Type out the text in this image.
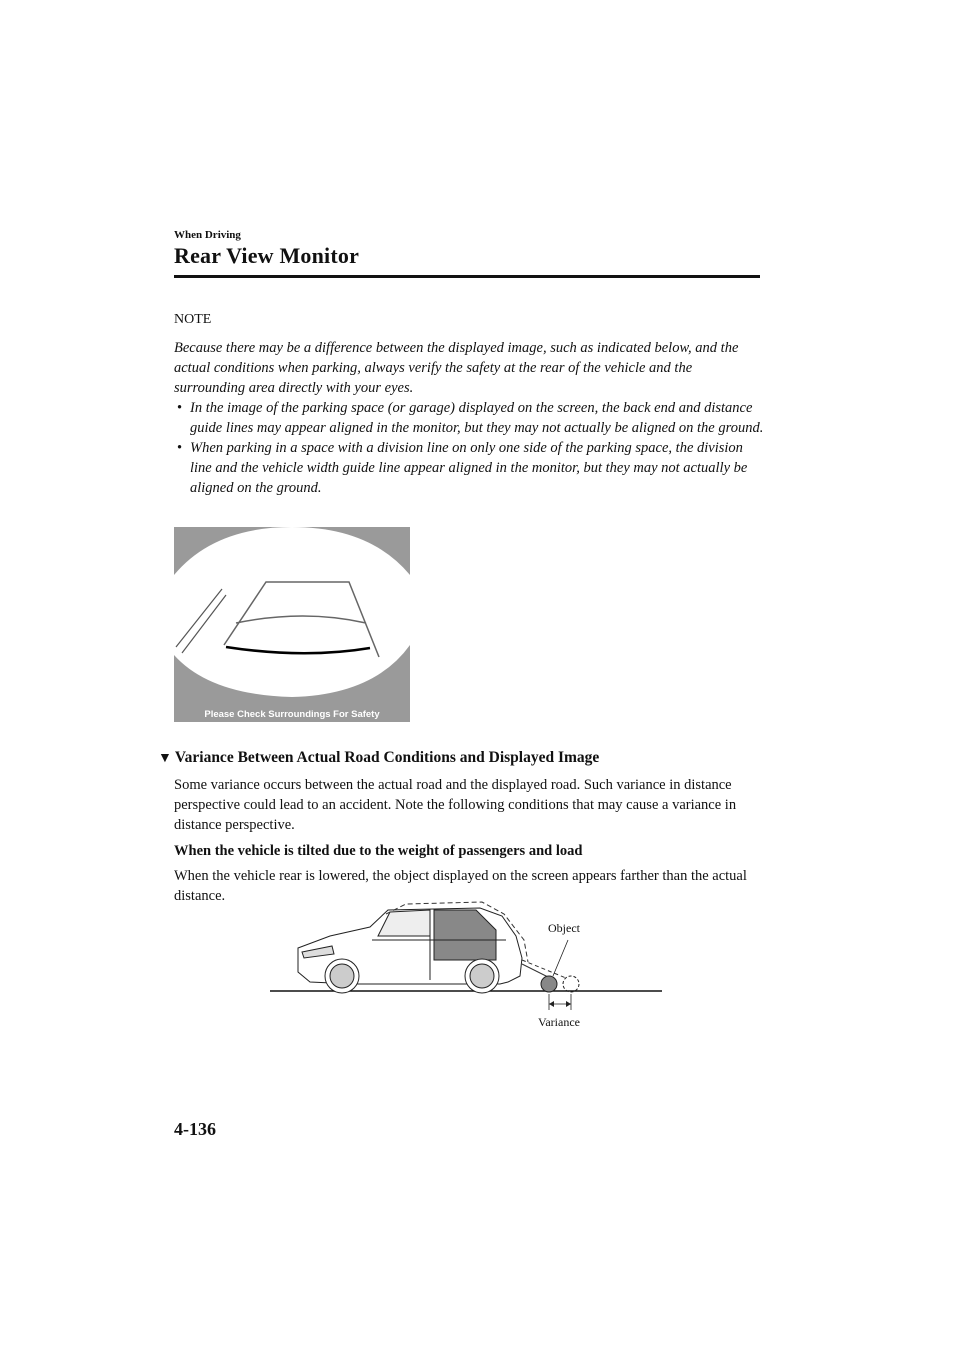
When Driving
Rear View Monitor
NOTE
Because there may be a difference between the displayed image, such as indicated below, and the actual conditions when parking, always verify the safety at the rear of the vehicle and the surrounding area directly with your eyes.
• In the image of the parking space (or garage) displayed on the screen, the back end and distance guide lines may appear aligned in the monitor, but they may not actually be aligned on the ground.
• When parking in a space with a division line on only one side of the parking space, the division line and the vehicle width guide line appear aligned in the monitor, but they may not actually be aligned on the ground.
Please Check Surroundings For Safety
▼ Variance Between Actual Road Conditions and Displayed Image
Some variance occurs between the actual road and the displayed road. Such variance in distance perspective could lead to an accident. Note the following conditions that may cause a variance in distance perspective.
When the vehicle is tilted due to the weight of passengers and load
When the vehicle rear is lowered, the object displayed on the screen appears farther than the actual distance.
Object
Variance
4-136
